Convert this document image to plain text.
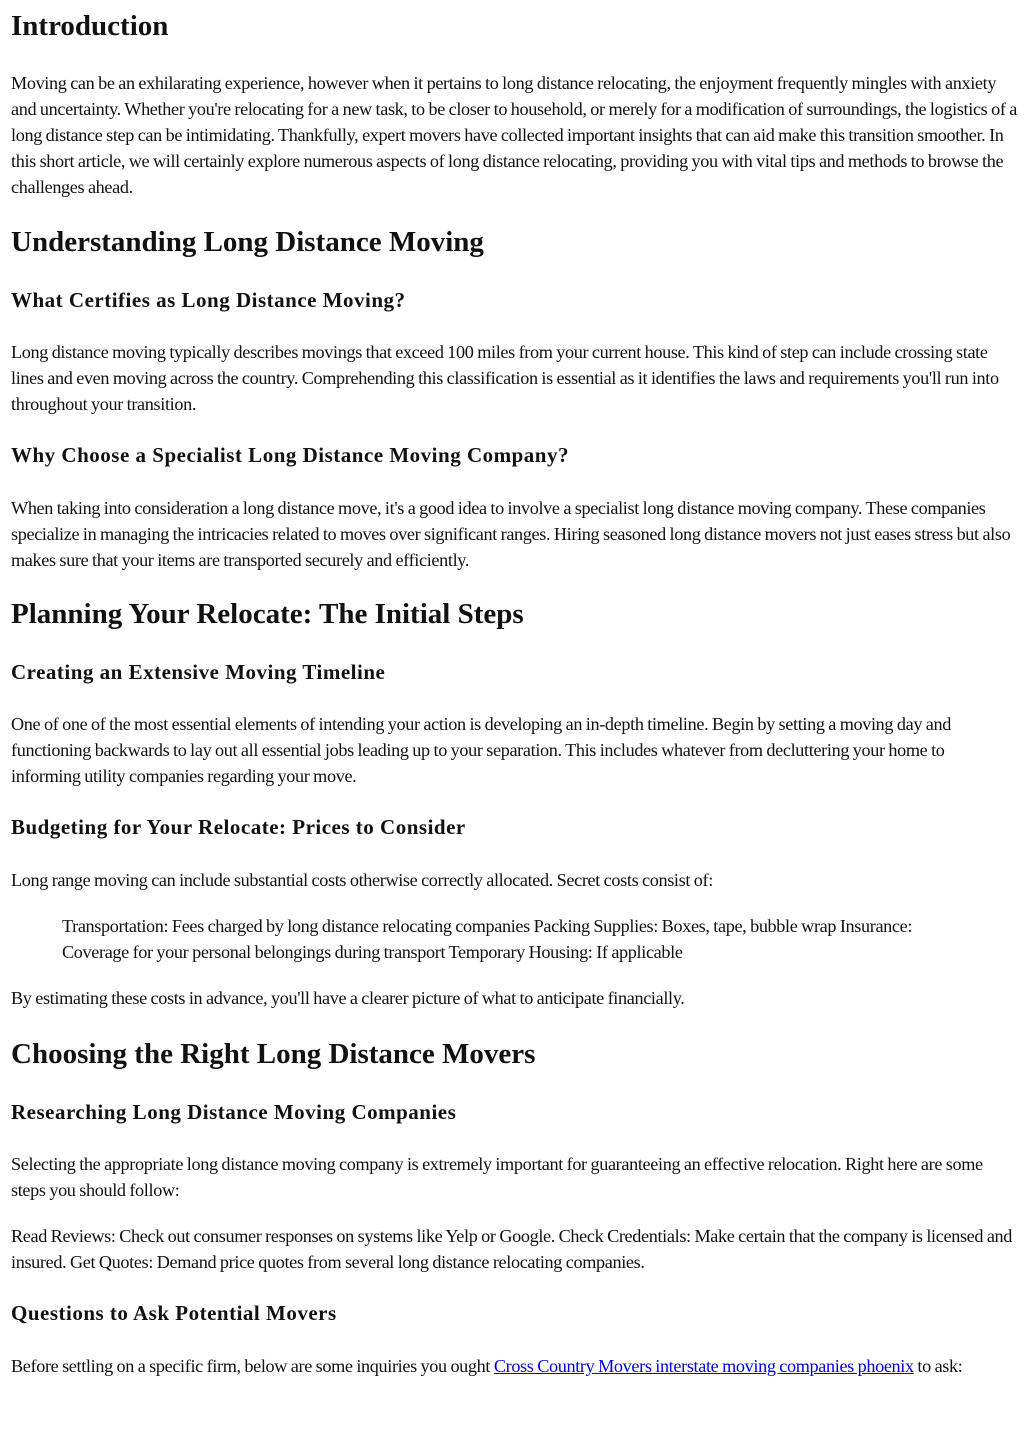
Introduction

Moving can be an exhilarating experience, however when it pertains to long distance relocating, the enjoyment frequently mingles with anxiety and uncertainty. Whether you're relocating for a new task, to be closer to household, or merely for a modification of surroundings, the logistics of a long distance step can be intimidating. Thankfully, expert movers have collected important insights that can aid make this transition smoother. In this short article, we will certainly explore numerous aspects of long distance relocating, providing you with vital tips and methods to browse the challenges ahead.

Understanding Long Distance Moving
What Certifies as Long Distance Moving?

Long distance moving typically describes movings that exceed 100 miles from your current house. This kind of step can include crossing state lines and even moving across the country. Comprehending this classification is essential as it identifies the laws and requirements you'll run into throughout your transition.

Why Choose a Specialist Long Distance Moving Company?

When taking into consideration a long distance move, it's a good idea to involve a specialist long distance moving company. These companies specialize in managing the intricacies related to moves over significant ranges. Hiring seasoned long distance movers not just eases stress but also makes sure that your items are transported securely and efficiently.

Planning Your Relocate: The Initial Steps
Creating an Extensive Moving Timeline

One of one of the most essential elements of intending your action is developing an in-depth timeline. Begin by setting a moving day and functioning backwards to lay out all essential jobs leading up to your separation. This includes whatever from decluttering your home to informing utility companies regarding your move.

Budgeting for Your Relocate: Prices to Consider

Long range moving can include substantial costs otherwise correctly allocated. Secret costs consist of:

Transportation: Fees charged by long distance relocating companies Packing Supplies: Boxes, tape, bubble wrap Insurance: Coverage for your personal belongings during transport Temporary Housing: If applicable

By estimating these costs in advance, you'll have a clearer picture of what to anticipate financially.

Choosing the Right Long Distance Movers
Researching Long Distance Moving Companies

Selecting the appropriate long distance moving company is extremely important for guaranteeing an effective relocation. Right here are some steps you should follow:

Read Reviews: Check out consumer responses on systems like Yelp or Google. Check Credentials: Make certain that the company is licensed and insured. Get Quotes: Demand price quotes from several long distance relocating companies.

Questions to Ask Potential Movers

Before settling on a specific firm, below are some inquiries you ought Cross Country Movers interstate moving companies phoenix to ask:
